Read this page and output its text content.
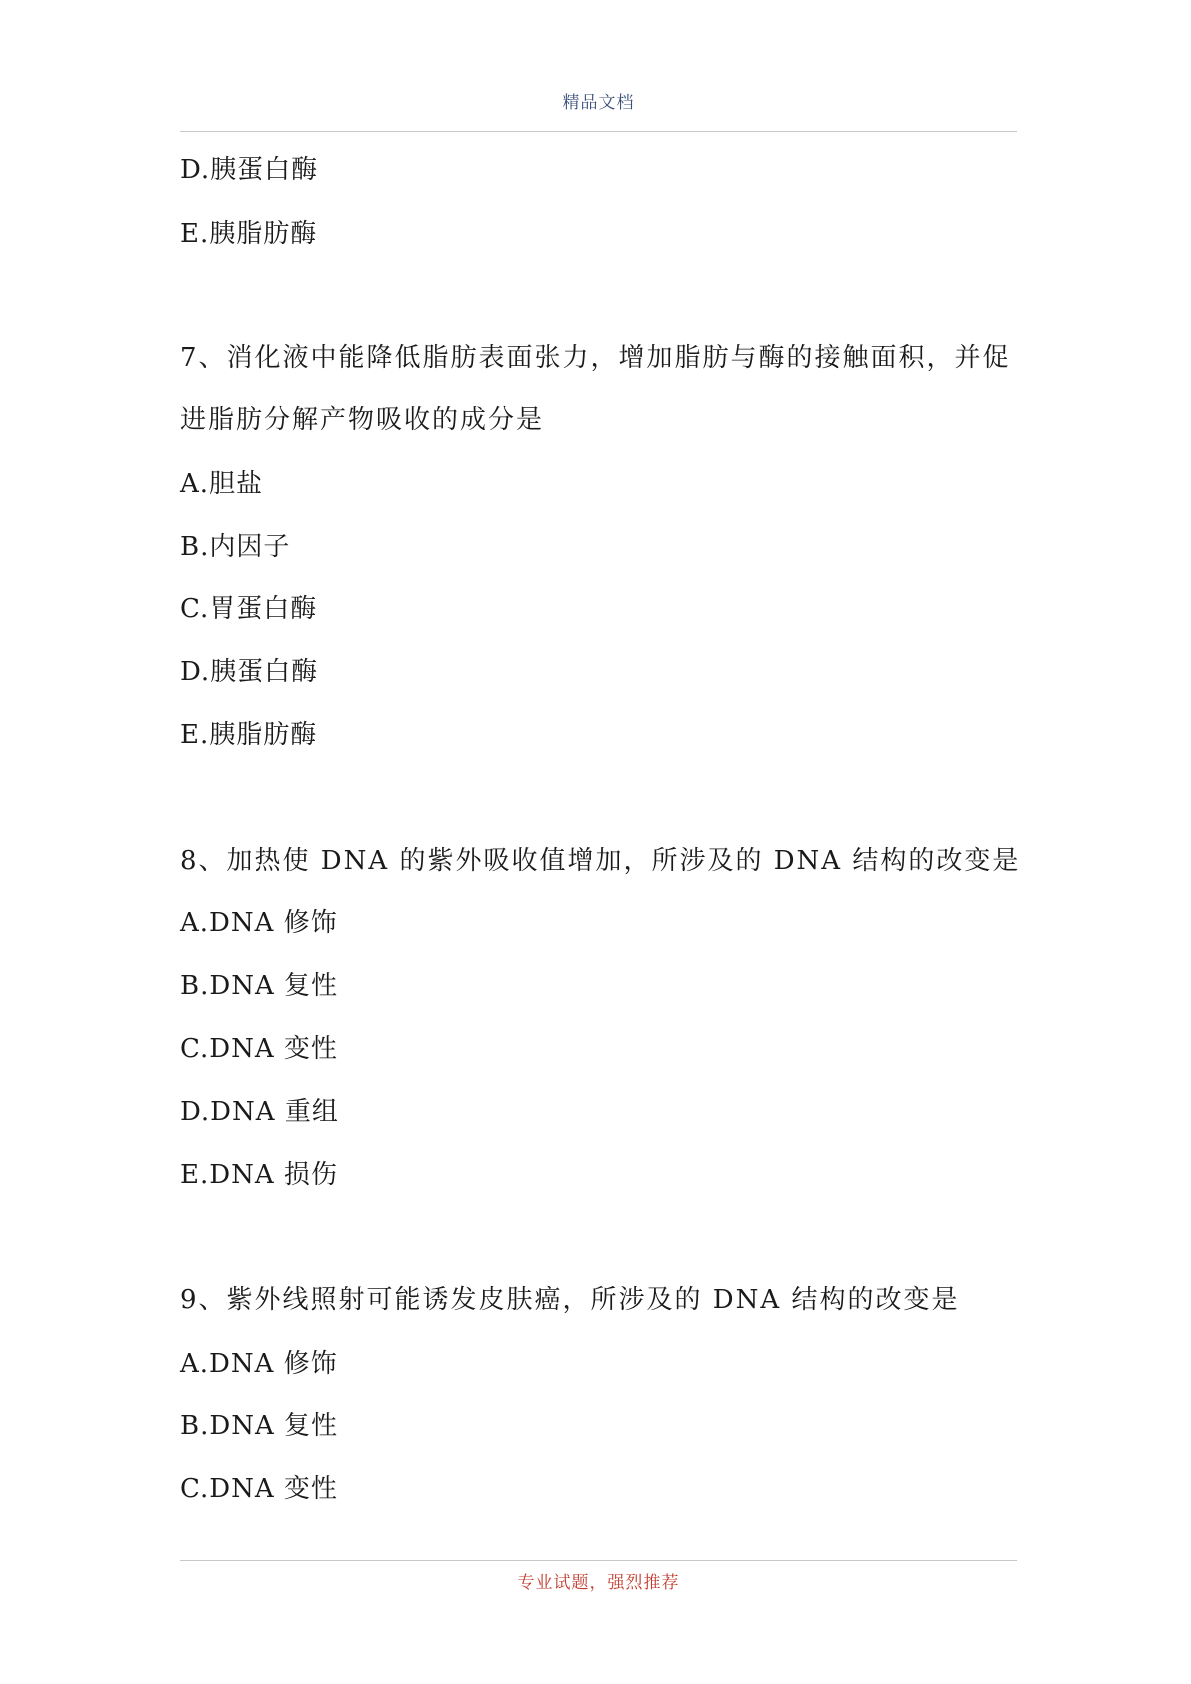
精品文档
D.胰蛋白酶
E.胰脂肪酶
7、消化液中能降低脂肪表面张力，增加脂肪与酶的接触面积，并促
进脂肪分解产物吸收的成分是
A.胆盐
B.内因子
C.胃蛋白酶
D.胰蛋白酶
E.胰脂肪酶
8、加热使 DNA 的紫外吸收值增加，所涉及的 DNA 结构的改变是
A.DNA 修饰
B.DNA 复性
C.DNA 变性
D.DNA 重组
E.DNA 损伤
9、紫外线照射可能诱发皮肤癌，所涉及的 DNA 结构的改变是
A.DNA 修饰
B.DNA 复性
C.DNA 变性
专业试题，强烈推荐
